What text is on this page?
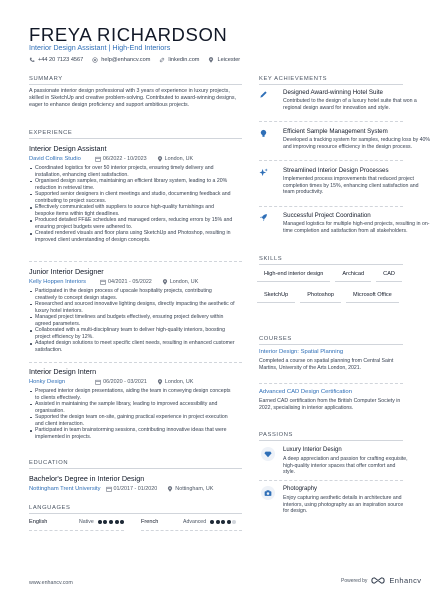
FREYA RICHARDSON
Interior Design Assistant | High-End Interiors
+44 20 7123 4567	help@enhancv.com	linkedin.com	Leicester
SUMMARY
A passionate interior design professional with 3 years of experience in luxury projects, skilled in SketchUp and creative problem-solving. Contributed to award-winning designs, eager to enhance design proficiency and support ambitious projects.
EXPERIENCE
Interior Design Assistant
David Collins Studio	06/2022 - 10/2023	London, UK
Coordinated logistics for over 50 interior projects, ensuring timely delivery and installation, enhancing client satisfaction.
Organised design samples, maintaining an efficient library system, leading to a 20% reduction in retrieval time.
Supported senior designers in client meetings and studio, documenting feedback and contributing to project success.
Effectively communicated with suppliers to source high-quality furnishings and bespoke items within tight deadlines.
Produced detailed FF&E schedules and managed orders, reducing errors by 15% and ensuring project budgets were adhered to.
Created rendered visuals and floor plans using SketchUp and Photoshop, resulting in improved client understanding of design concepts.
Junior Interior Designer
Kelly Hoppen Interiors	04/2021 - 05/2022	London, UK
Participated in the design process of upscale hospitality projects, contributing creatively to concept design stages.
Researched and sourced innovative lighting designs, directly impacting the aesthetic of luxury hotel interiors.
Managed project timelines and budgets effectively, ensuring project delivery within agreed parameters.
Collaborated with a multi-disciplinary team to deliver high-quality interiors, boosting project efficiency by 12%.
Adapted design solutions to meet specific client needs, resulting in enhanced customer satisfaction.
Interior Design Intern
Honky Design	06/2020 - 03/2021	London, UK
Prepared interior design presentations, aiding the team in conveying design concepts to clients effectively.
Assisted in maintaining the sample library, leading to improved accessibility and organisation.
Supported the design team on-site, gaining practical experience in project execution and client interaction.
Participated in team brainstorming sessions, contributing innovative ideas that were implemented in projects.
EDUCATION
Bachelor's Degree in Interior Design
Nottingham Trent University 01/2017 - 01/2020	Nottingham, UK
LANGUAGES
English	Native	French	Advanced
KEY ACHIEVEMENTS
Designed Award-winning Hotel Suite
Contributed to the design of a luxury hotel suite that won a regional design award for innovation and style.
Efficient Sample Management System
Developed a tracking system for samples, reducing loss by 40% and improving resource efficiency in the design process.
Streamlined Interior Design Processes
Implemented process improvements that reduced project completion times by 15%, enhancing client satisfaction and team productivity.
Successful Project Coordination
Managed logistics for multiple high-end projects, resulting in on-time completion and satisfaction from all stakeholders.
SKILLS
High-end interior design	Archicad	CAD
SketchUp	Photoshop	Microsoft Office
COURSES
Interior Design: Spatial Planning
Completed a course on spatial planning from Central Saint Martins, University of the Arts London, 2021.
Advanced CAD Design Certification
Earned CAD certification from the British Computer Society in 2022, specialising in interior applications.
PASSIONS
Luxury Interior Design
A deep appreciation and passion for crafting exquisite, high-quality interior spaces that offer comfort and style.
Photography
Enjoy capturing aesthetic details in architecture and interiors, using photography as an inspiration source for design.
www.enhancv.com	Powered by	Enhancv
